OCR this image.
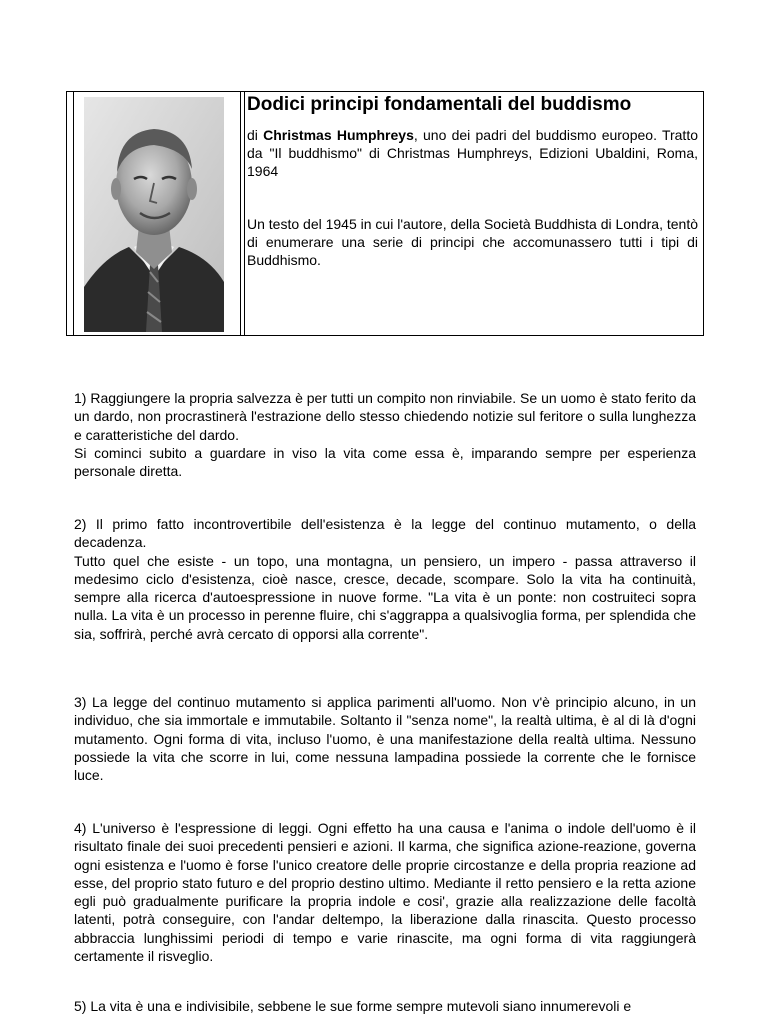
Dodici principi fondamentali del buddismo

di Christmas Humphreys, uno dei padri del buddismo europeo. Tratto da "Il buddhismo" di Christmas Humphreys, Edizioni Ubaldini, Roma, 1964

Un testo del 1945 in cui l'autore, della Società Buddhista di Londra, tentò di enumerare una serie di principi che accomunassero tutti i tipi di Buddhismo.

1) Raggiungere la propria salvezza è per tutti un compito non rinviabile. Se un uomo è stato ferito da un dardo, non procrastinerà l'estrazione dello stesso chiedendo notizie sul feritore o sulla lunghezza e caratteristiche del dardo.
Si cominci subito a guardare in viso la vita come essa è, imparando sempre per esperienza personale diretta.
2) Il primo fatto incontrovertibile dell'esistenza è la legge del continuo mutamento, o della decadenza.
Tutto quel che esiste - un topo, una montagna, un pensiero, un impero - passa attraverso il medesimo ciclo d'esistenza, cioè nasce, cresce, decade, scompare. Solo la vita ha continuità, sempre alla ricerca d'autoespressione in nuove forme. "La vita è un ponte: non costruiteci sopra nulla. La vita è un processo in perenne fluire, chi s'aggrappa a qualsivoglia forma, per splendida che sia, soffrirà, perché avrà cercato di opporsi alla corrente".
3) La legge del continuo mutamento si applica parimenti all'uomo. Non v'è principio alcuno, in un individuo, che sia immortale e immutabile. Soltanto il "senza nome", la realtà ultima, è al di là d'ogni mutamento. Ogni forma di vita, incluso l'uomo, è una manifestazione della realtà ultima. Nessuno possiede la vita che scorre in lui, come nessuna lampadina possiede la corrente che le fornisce luce.
4) L'universo è l'espressione di leggi. Ogni effetto ha una causa e l'anima o indole dell'uomo è il risultato finale dei suoi precedenti pensieri e azioni. Il karma, che significa azione-reazione, governa ogni esistenza e l'uomo è forse l'unico creatore delle proprie circostanze e della propria reazione ad esse, del proprio stato futuro e del proprio destino ultimo. Mediante il retto pensiero e la retta azione egli può gradualmente purificare la propria indole e cosi', grazie alla realizzazione delle facoltà latenti, potrà conseguire, con l'andar deltempo, la liberazione dalla rinascita. Questo processo abbraccia lunghissimi periodi di tempo e varie rinascite, ma ogni forma di vita raggiungerà certamente il risveglio.
5) La vita è una e indivisibile, sebbene le sue forme sempre mutevoli siano innumerevoli e
